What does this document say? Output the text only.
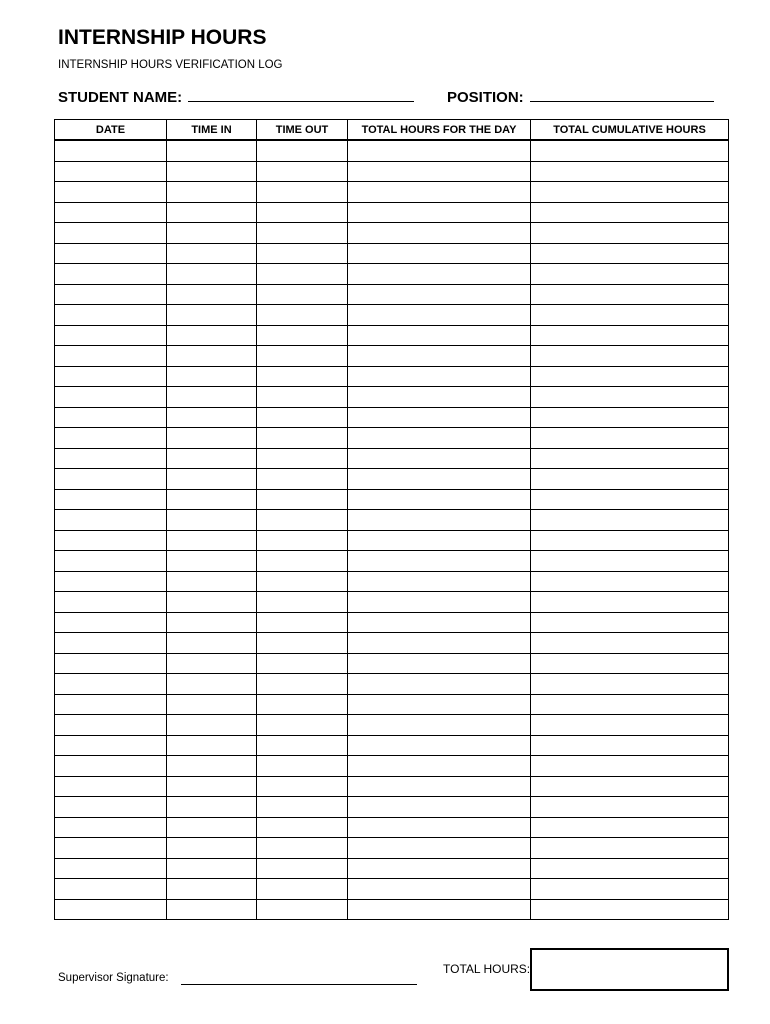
INTERNSHIP HOURS
INTERNSHIP HOURS VERIFICATION LOG
STUDENT NAME:	POSITION:
DATE	TIME IN	TIME OUT	TOTAL HOURS FOR THE DAY	TOTAL CUMULATIVE HOURS

TOTAL HOURS:
Supervisor Signature:
